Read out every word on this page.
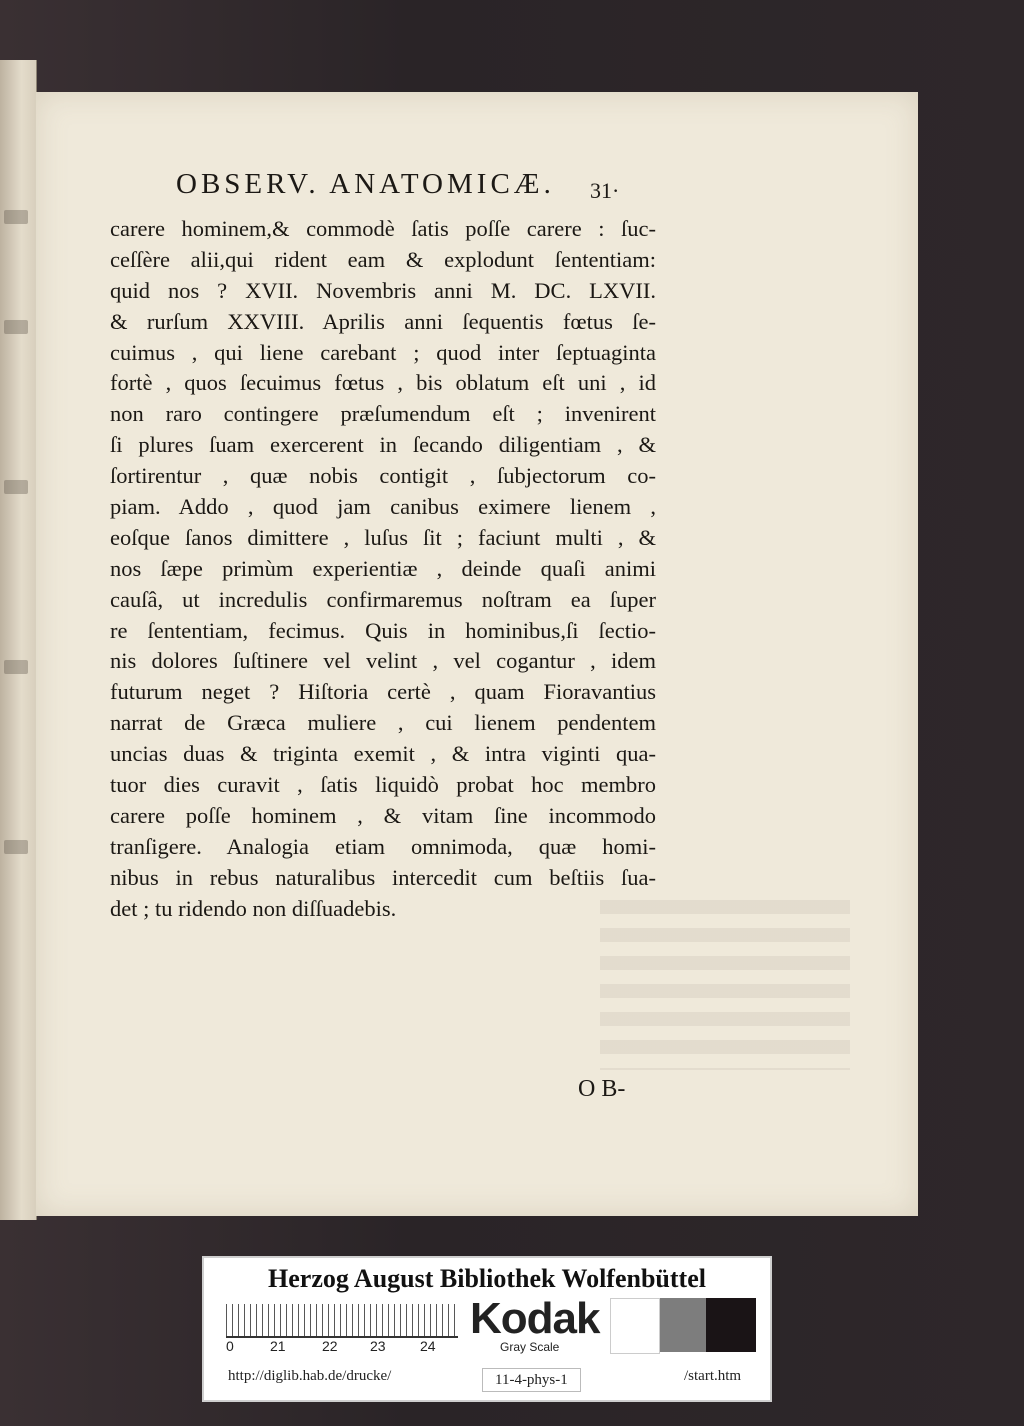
OBSERV. ANATOMICÆ.	31·
carere hominem,& commodè ſatis poſſe carere : ſuc-
ceſſère alii,qui rident eam & explodunt ſententiam:
quid nos ? XVII. Novembris anni M. DC. LXVII.
& rurſum XXVIII. Aprilis anni ſequentis fœtus ſe-
cuimus , qui liene carebant ; quod inter ſeptuaginta
fortè , quos ſecuimus fœtus , bis oblatum eſt uni , id
non raro contingere præſumendum eſt ; invenirent
ſi plures ſuam exercerent in ſecando diligentiam , &
ſortirentur , quæ nobis contigit , ſubjectorum co-
piam. Addo , quod jam canibus eximere lienem ,
eoſque ſanos dimittere , luſus ſit ; faciunt multi , &
nos ſæpe primùm experientiæ , deinde quaſi animi
cauſâ, ut incredulis confirmaremus noſtram ea ſuper
re ſententiam, fecimus. Quis in hominibus,ſi ſectio-
nis dolores ſuſtinere vel velint , vel cogantur , idem
futurum neget ? Hiſtoria certè , quam Fioravantius
narrat de Græca muliere , cui lienem pendentem
uncias duas & triginta exemit , & intra viginti qua-
tuor dies curavit , ſatis liquidò probat hoc membro
carere poſſe hominem , & vitam ſine incommodo
tranſigere. Analogia etiam omnimoda, quæ homi-
nibus in rebus naturalibus intercedit cum beſtiis ſua-
det ; tu ridendo non diſſuadebis.
O B-
Herzog August Bibliothek Wolfenbüttel
0	21	22 23 24
Kodak
Gray Scale
http://diglib.hab.de/drucke/	11-4-phys-1	/start.htm
